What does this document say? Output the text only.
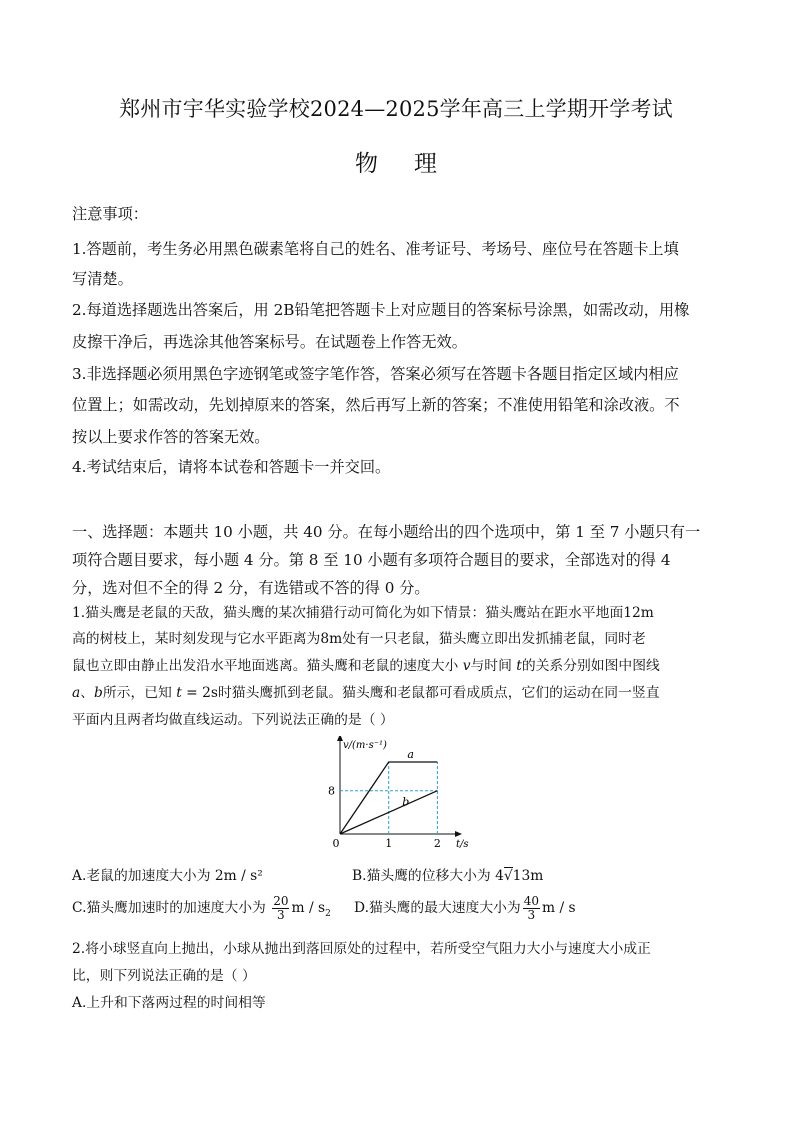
郑州市宇华实验学校2024—2025学年高三上学期开学考试
物理
注意事项：
1.答题前，考生务必用黑色碳素笔将自己的姓名、准考证号、考场号、座位号在答题卡上填
写清楚。
2.每道选择题选出答案后，用 2B铅笔把答题卡上对应题目的答案标号涂黑，如需改动，用橡
皮擦干净后，再选涂其他答案标号。在试题卷上作答无效。
3.非选择题必须用黑色字迹钢笔或签字笔作答，答案必须写在答题卡各题目指定区域内相应
位置上；如需改动，先划掉原来的答案，然后再写上新的答案；不准使用铅笔和涂改液。不
按以上要求作答的答案无效。
4.考试结束后，请将本试卷和答题卡一并交回。
一、选择题：本题共 10 小题，共 40 分。在每小题给出的四个选项中，第 1 至 7 小题只有一
项符合题目要求，每小题 4 分。第 8 至 10 小题有多项符合题目的要求，全部选对的得 4
分，选对但不全的得 2 分，有选错或不答的得 0 分。
1.猫头鹰是老鼠的天敌，猫头鹰的某次捕猎行动可简化为如下情景：猫头鹰站在距水平地面12m
高的树枝上，某时刻发现与它水平距离为8m处有一只老鼠，猫头鹰立即出发抓捕老鼠，同时老
鼠也立即由静止出发沿水平地面逃离。猫头鹰和老鼠的速度大小 v与时间 t的关系分别如图中图线
a、b所示，已知 t = 2s时猫头鹰抓到老鼠。猫头鹰和老鼠都可看成质点，它们的运动在同一竖直
平面内且两者均做直线运动。下列说法正确的是（ ）
a
b
0	1	2
8
v/(m·s⁻¹)
t/s
A.老鼠的加速度大小为 2m / s²	B.猫头鹰的位移大小为 4√13m
C.猫头鹰加速时的加速度大小为 $\frac{20}{3}$ m / $s_2$ D.猫头鹰的最大速度大小为 $\frac{40}{3}$ m / s
2.将小球竖直向上抛出，小球从抛出到落回原处的过程中，若所受空气阻力大小与速度大小成正
比，则下列说法正确的是（ ）
A.上升和下落两过程的时间相等
